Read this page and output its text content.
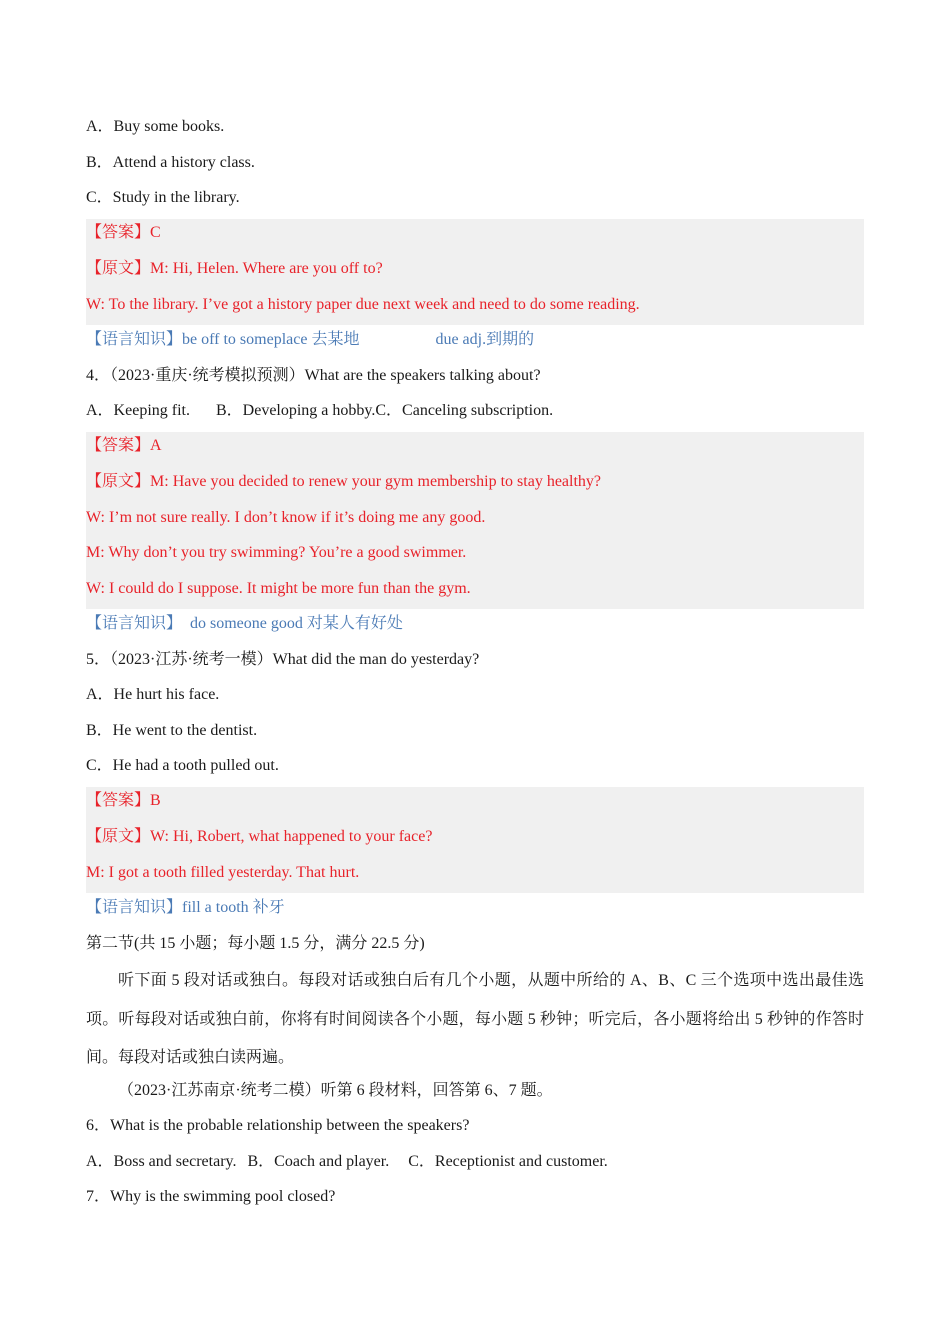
A．Buy some books.
B．Attend a history class.
C．Study in the library.
【答案】C
【原文】M: Hi, Helen. Where are you off to?
W: To the library. I’ve got a history paper due next week and need to do some reading.
【语言知识】be off to someplace 去某地	due adj.到期的
4．（2023·重庆·统考模拟预测）What are the speakers talking about?
A．Keeping fit. B．Developing a hobby.C．Canceling subscription.
【答案】A
【原文】M: Have you decided to renew your gym membership to stay healthy?
W: I’m not sure really. I don’t know if it’s doing me any good.
M: Why don’t you try swimming? You’re a good swimmer.
W: I could do I suppose. It might be more fun than the gym.
【语言知识】  do someone good 对某人有好处
5．（2023·江苏·统考一模）What did the man do yesterday?
A．He hurt his face.
B．He went to the dentist.
C．He had a tooth pulled out.
【答案】B
【原文】W: Hi, Robert, what happened to your face?
M: I got a tooth filled yesterday. That hurt.
【语言知识】fill a tooth 补牙
第二节(共 15 小题；每小题 1.5 分，满分 22.5 分)
听下面 5 段对话或独白。每段对话或独白后有几个小题，从题中所给的 A、B、C 三个选项中选出最佳选项。听每段对话或独白前，你将有时间阅读各个小题，每小题 5 秒钟；听完后，各小题将给出 5 秒钟的作答时间。每段对话或独白读两遍。
（2023·江苏南京·统考二模）听第 6 段材料，回答第 6、7 题。
6．What is the probable relationship between the speakers?
A．Boss and secretary. B．Coach and player. C．Receptionist and customer.
7．Why is the swimming pool closed?
